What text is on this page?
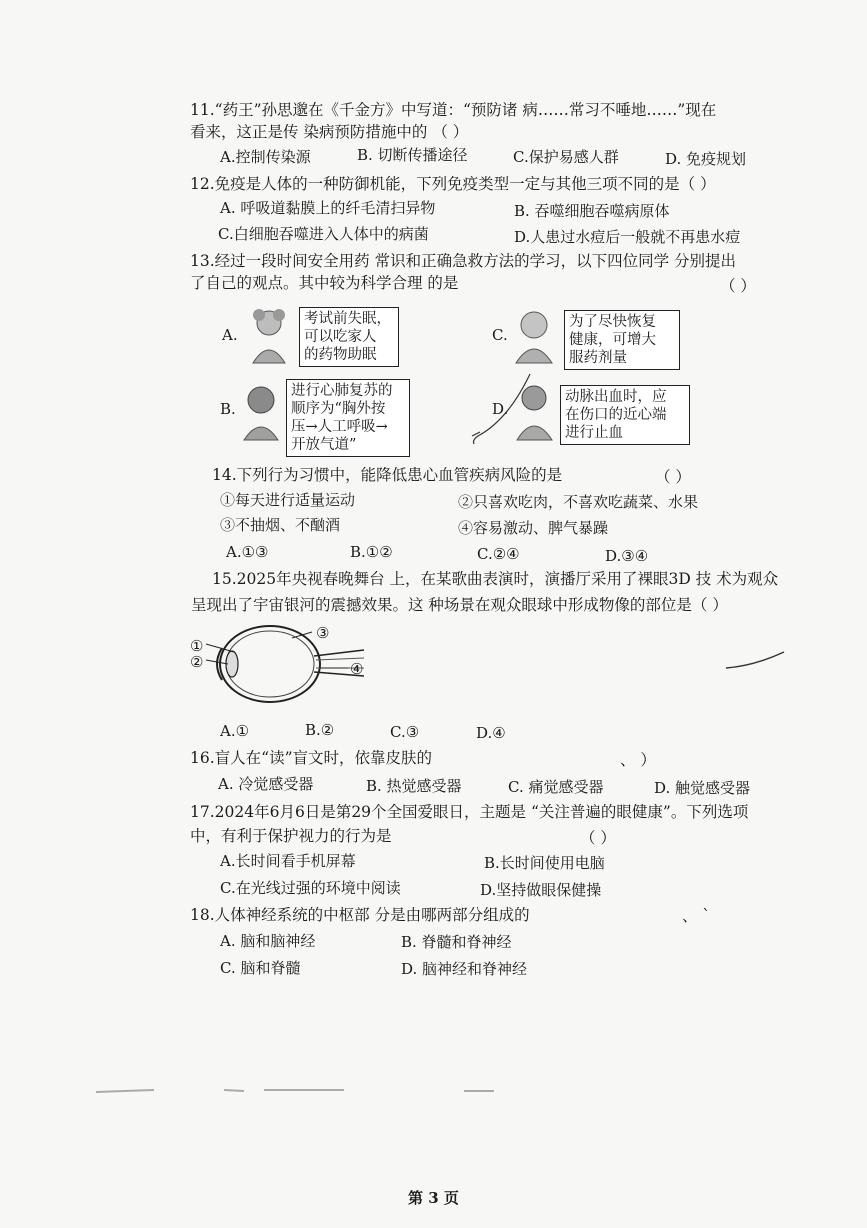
11.“药王”孙思邈在《千金方》中写道：“预防诸 病……常习不唾地……”现在
看来，这正是传 染病预防措施中的 （ ）
A.控制传染源	B. 切断传播途径	C.保护易感人群	D. 免疫规划
12.免疫是人体的一种防御机能，下列免疫类型一定与其他三项不同的是（ ）
A. 呼吸道黏膜上的纤毛清扫异物	B. 吞噬细胞吞噬病原体
C.白细胞吞噬进入人体中的病菌	D.人患过水痘后一般就不再患水痘
13.经过一段时间安全用药 常识和正确急救方法的学习，以下四位同学 分别提出
了自己的观点。其中较为科学合理 的是	（ ）
A.
考试前失眠，
可以吃家人
的药物助眠
C.
为了尽快恢复
健康，可增大
服药剂量
B.
进行心肺复苏的
顺序为“胸外按
压→人工呼吸→
开放气道”
D.
动脉出血时，应
在伤口的近心端
进行止血
14.下列行为习惯中，能降低患心血管疾病风险的是	（ ）
①每天进行适量运动	②只喜欢吃肉，不喜欢吃蔬菜、水果
③不抽烟、不酗酒	④容易激动、脾气暴躁
A.①③	B.①②	C.②④	D.③④
15.2025年央视春晚舞台 上，在某歌曲表演时，演播厅采用了裸眼3D 技 术为观众
呈现出了宇宙银河的震撼效果。这 种场景在观众眼球中形成物像的部位是（ ）
①
②
③
④
A.①	B.②	C.③	D.④
16.盲人在“读”盲文时，依靠皮肤的	、 ）
A. 冷觉感受器	B. 热觉感受器	C. 痛觉感受器	D. 触觉感受器
17.2024年6月6日是第29个全国爱眼日，主题是 “关注普遍的眼健康”。下列选项
中，有利于保护视力的行为是	（ ）
A.长时间看手机屏幕	B.长时间使用电脑
C.在光线过强的环境中阅读	D.坚持做眼保健操
18.人体神经系统的中枢部 分是由哪两部分组成的	、 ˋ
A. 脑和脑神经	B. 脊髓和脊神经
C. 脑和脊髓	D. 脑神经和脊神经
第 3 页
